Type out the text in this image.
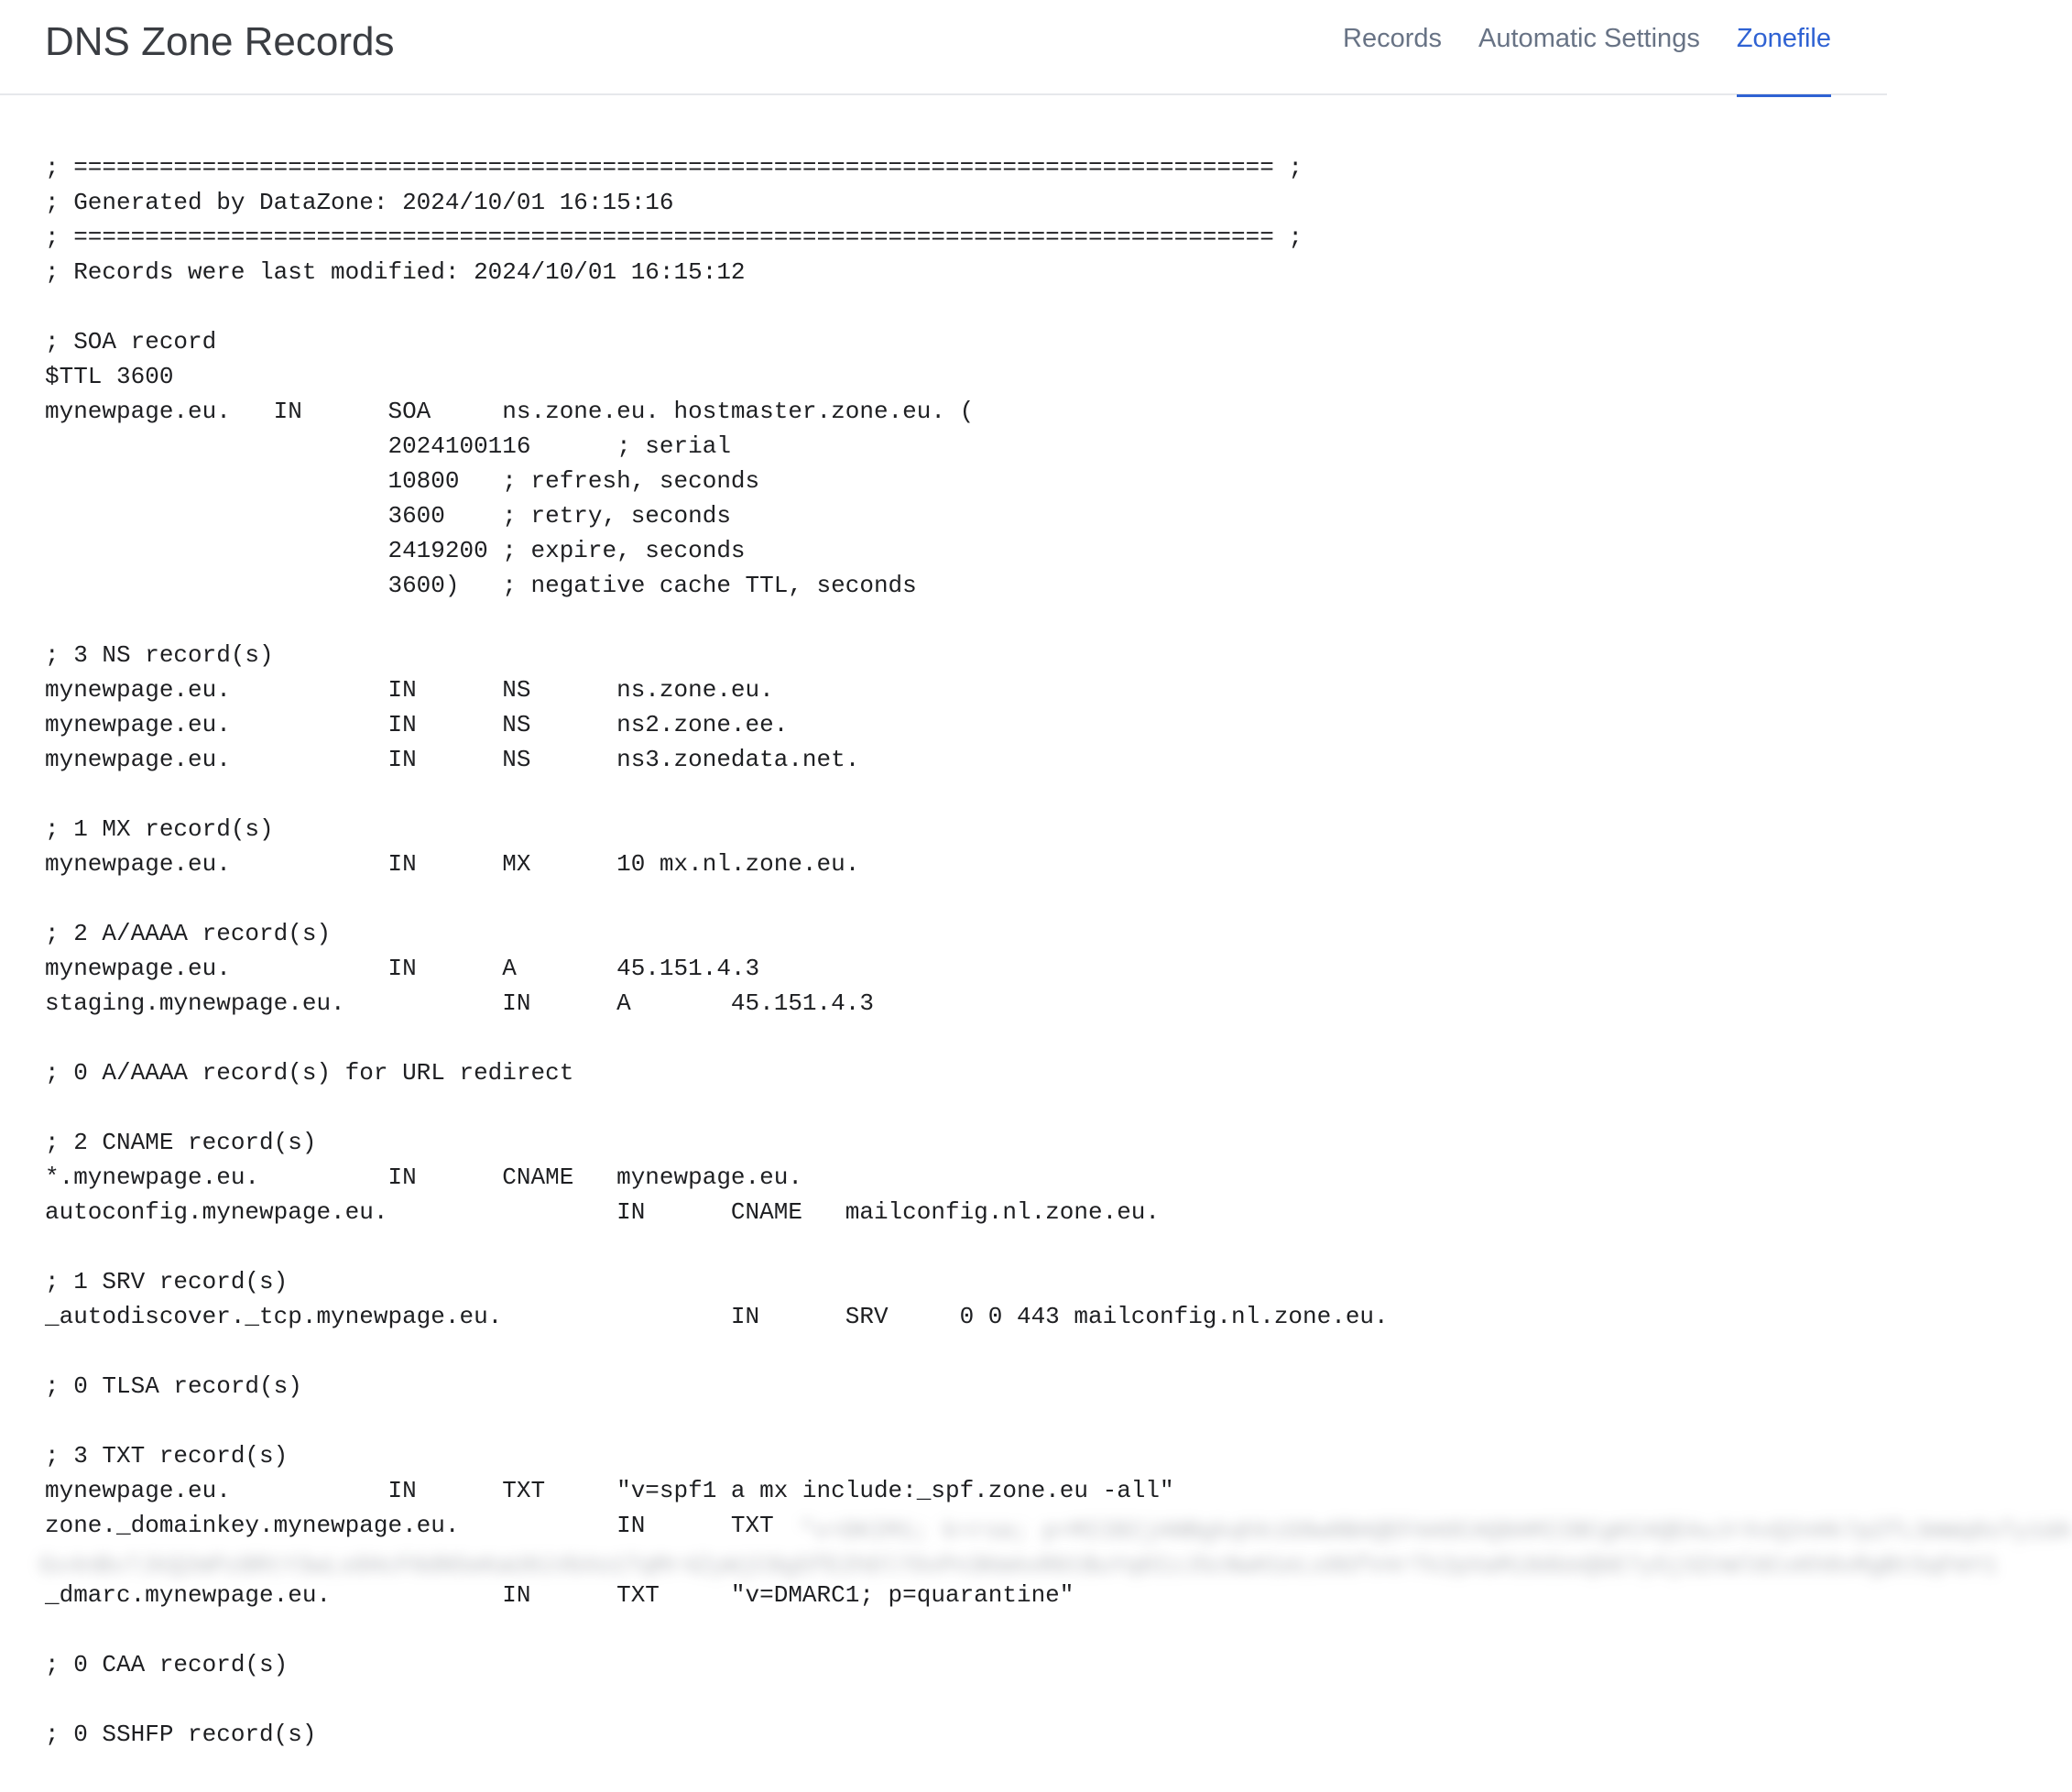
DNS Zone Records	Records Automatic Settings Zonefile
; ==================================================================================== ;
; Generated by DataZone: 2024/10/01 16:15:16
; ==================================================================================== ;
; Records were last modified: 2024/10/01 16:15:12

; SOA record
$TTL 3600
mynewpage.eu.   IN      SOA     ns.zone.eu. hostmaster.zone.eu. (
2024100116      ; serial
10800   ; refresh, seconds
3600    ; retry, seconds
2419200 ; expire, seconds
3600)   ; negative cache TTL, seconds

; 3 NS record(s)
mynewpage.eu.           IN      NS      ns.zone.eu.
mynewpage.eu.           IN      NS      ns2.zone.ee.
mynewpage.eu.           IN      NS      ns3.zonedata.net.

; 1 MX record(s)
mynewpage.eu.           IN      MX      10 mx.nl.zone.eu.

; 2 A/AAAA record(s)
mynewpage.eu.           IN      A       45.151.4.3
staging.mynewpage.eu.           IN      A       45.151.4.3

; 0 A/AAAA record(s) for URL redirect

; 2 CNAME record(s)
*.mynewpage.eu.         IN      CNAME   mynewpage.eu.
autoconfig.mynewpage.eu.                IN      CNAME   mailconfig.nl.zone.eu.

; 1 SRV record(s)
_autodiscover._tcp.mynewpage.eu.                IN      SRV     0 0 443 mailconfig.nl.zone.eu.

; 0 TLSA record(s)

; 3 TXT record(s)
mynewpage.eu.           IN      TXT     "v=spf1 a mx include:_spf.zone.eu -all"
zone._domainkey.mynewpage.eu.           IN      TXT	"v=DKIM1; k=rsa; p=MIIBIjANBgkqhkiG9w0BAQEFAAOCAQ8AMIIBCgKCAQEAuJrXvQ2nHk7pZfL3mWq8sTy1dA
Gx4nBv7JkQ2mPz8RtY3wLs6HcF0dN5eKaU9iVbXo1TqMr4ZyWjC8gSfE2hDl7OvPn3KmAxR6tBuYq0IzJ5cNwH1eLs9GfV4rTk2pXaMi8dUoQbE7ySj3ZnWl6CxKh0vRgBt5qFmY1
_dmarc.mynewpage.eu.            IN      TXT     "v=DMARC1; p=quarantine"

; 0 CAA record(s)

; 0 SSHFP record(s)
